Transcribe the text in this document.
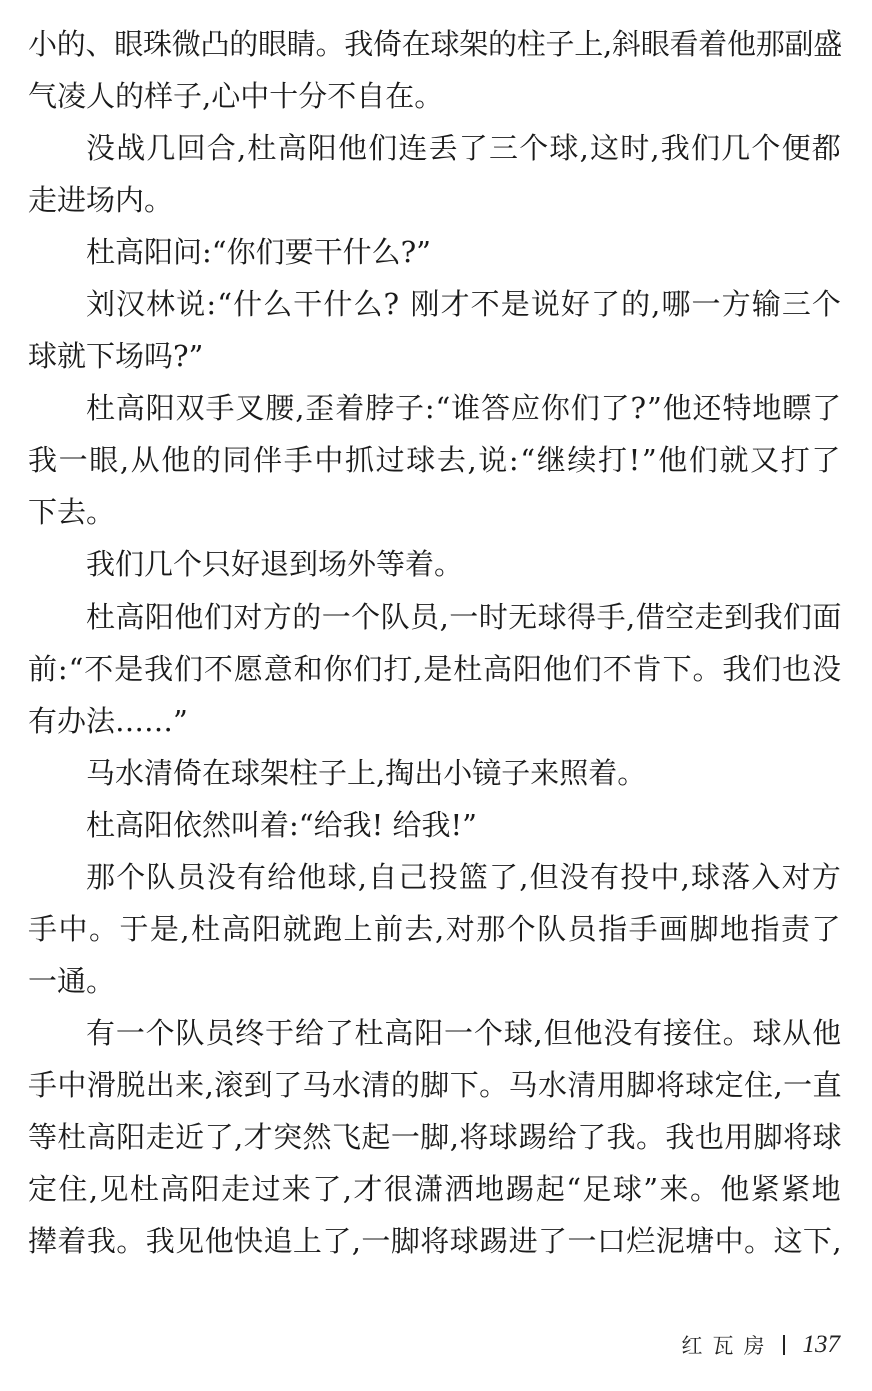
小的、眼珠微凸的眼睛。我倚在球架的柱子上,斜眼看着他那副盛
气凌人的样子,心中十分不自在。
没战几回合,杜高阳他们连丢了三个球,这时,我们几个便都
走进场内。
杜高阳问:“你们要干什么?”
刘汉林说:“什么干什么? 刚才不是说好了的,哪一方输三个
球就下场吗?”
杜高阳双手叉腰,歪着脖子:“谁答应你们了?”他还特地瞟了
我一眼,从他的同伴手中抓过球去,说:“继续打!”他们就又打了
下去。
我们几个只好退到场外等着。
杜高阳他们对方的一个队员,一时无球得手,借空走到我们面
前:“不是我们不愿意和你们打,是杜高阳他们不肯下。我们也没
有办法……”
马水清倚在球架柱子上,掏出小镜子来照着。
杜高阳依然叫着:“给我! 给我!”
那个队员没有给他球,自己投篮了,但没有投中,球落入对方
手中。于是,杜高阳就跑上前去,对那个队员指手画脚地指责了
一通。
有一个队员终于给了杜高阳一个球,但他没有接住。球从他
手中滑脱出来,滚到了马水清的脚下。马水清用脚将球定住,一直
等杜高阳走近了,才突然飞起一脚,将球踢给了我。我也用脚将球
定住,见杜高阳走过来了,才很潇洒地踢起“足球”来。他紧紧地
撵着我。我见他快追上了,一脚将球踢进了一口烂泥塘中。这下,
红瓦房 137
